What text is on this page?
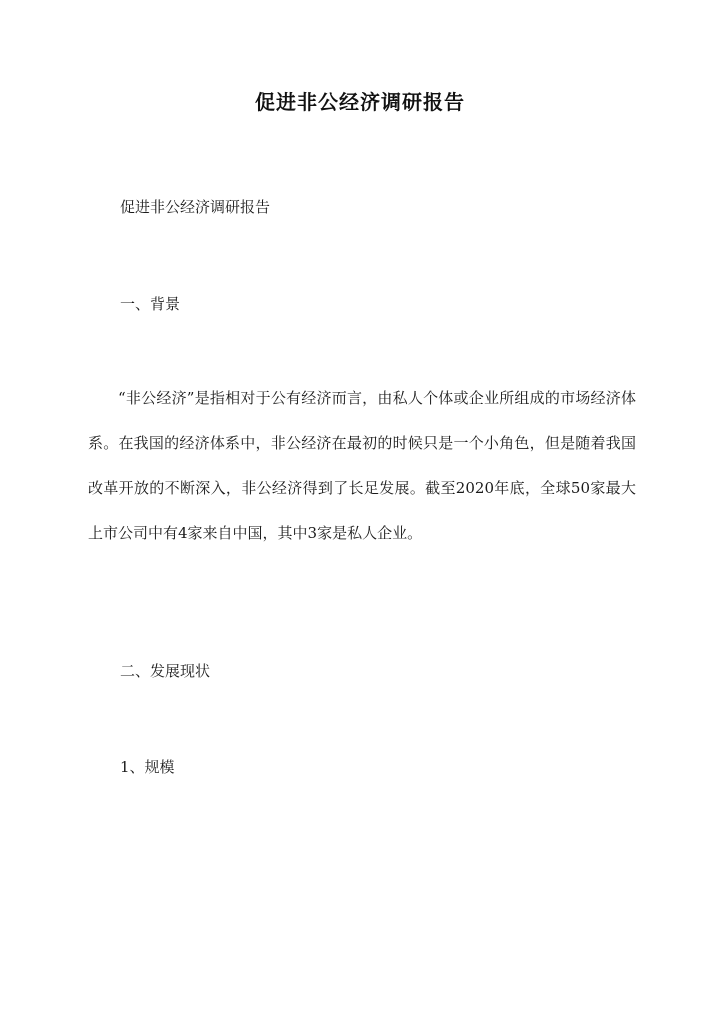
促进非公经济调研报告

促进非公经济调研报告

一、背景

“非公经济”是指相对于公有经济而言，由私人个体或企业所组成的市场经济体系。在我国的经济体系中，非公经济在最初的时候只是一个小角色，但是随着我国改革开放的不断深入，非公经济得到了长足发展。截至2020年底，全球50家最大上市公司中有4家来自中国，其中3家是私人企业。

二、发展现状

1、规模
